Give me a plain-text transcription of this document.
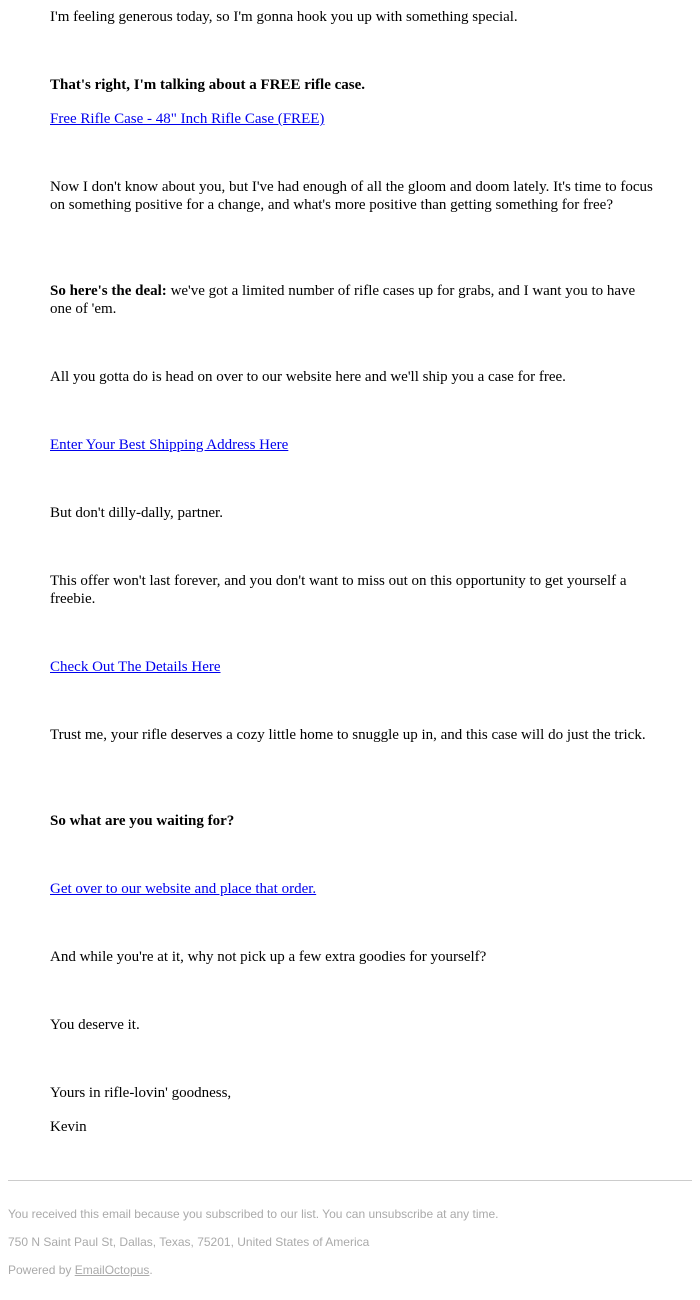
I'm feeling generous today, so I'm gonna hook you up with something special.

That's right, I'm talking about a FREE rifle case.

Free Rifle Case - 48" Inch Rifle Case (FREE)

Now I don't know about you, but I've had enough of all the gloom and doom lately. It's time to focus on something positive for a change, and what's more positive than getting something for free?

So here's the deal: we've got a limited number of rifle cases up for grabs, and I want you to have one of 'em.

All you gotta do is head on over to our website here and we'll ship you a case for free.

Enter Your Best Shipping Address Here

But don't dilly-dally, partner.

This offer won't last forever, and you don't want to miss out on this opportunity to get yourself a freebie.

Check Out The Details Here

Trust me, your rifle deserves a cozy little home to snuggle up in, and this case will do just the trick.

So what are you waiting for?

Get over to our website and place that order.

And while you're at it, why not pick up a few extra goodies for yourself?

You deserve it.

Yours in rifle-lovin' goodness,

Kevin

You received this email because you subscribed to our list. You can unsubscribe at any time.

750 N Saint Paul St, Dallas, Texas, 75201, United States of America

Powered by EmailOctopus.
